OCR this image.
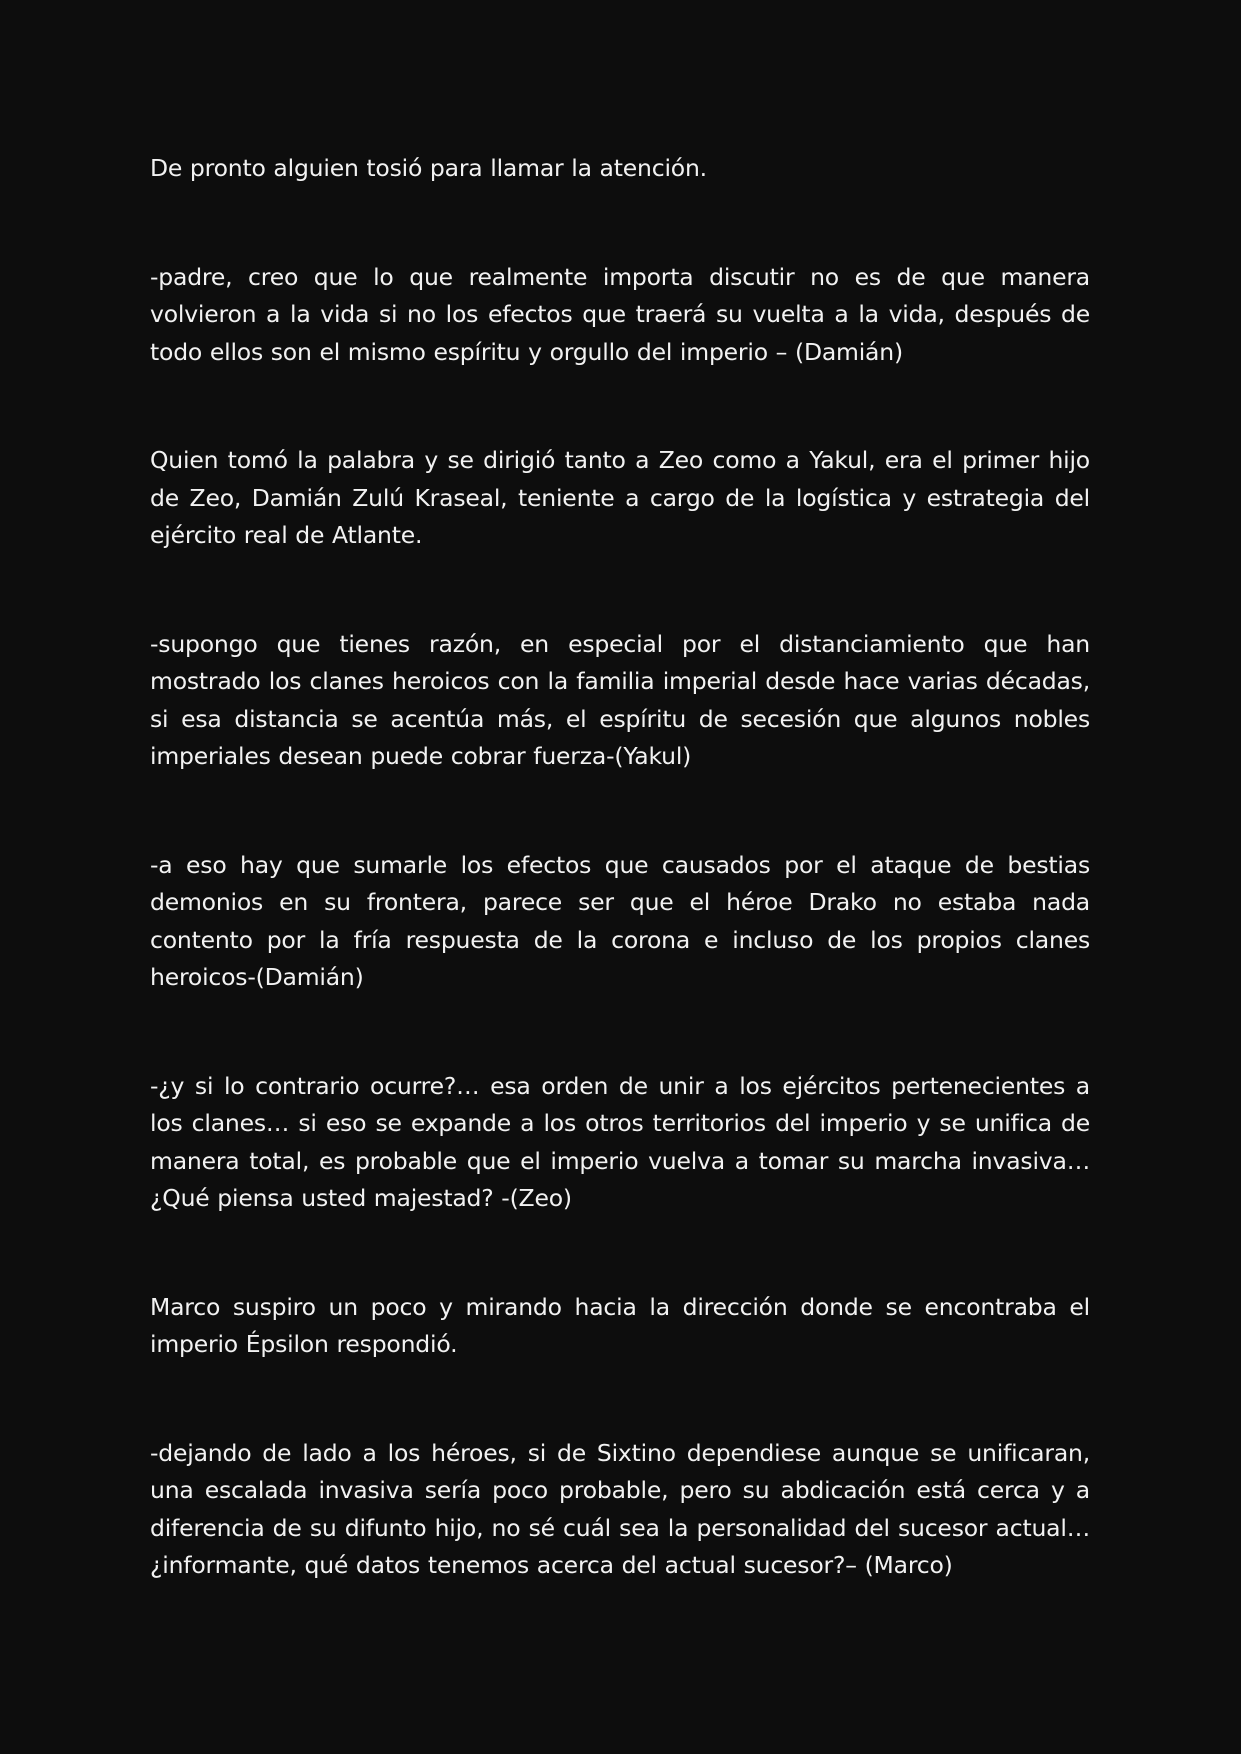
De pronto alguien tosió para llamar la atención.

-padre, creo que lo que realmente importa discutir no es de que manera volvieron a la vida si no los efectos que traerá su vuelta a la vida, después de todo ellos son el mismo espíritu y orgullo del imperio – (Damián)

Quien tomó la palabra y se dirigió tanto a Zeo como a Yakul, era el primer hijo de Zeo, Damián Zulú Kraseal, teniente a cargo de la logística y estrategia del ejército real de Atlante.

-supongo que tienes razón, en especial por el distanciamiento que han mostrado los clanes heroicos con la familia imperial desde hace varias décadas, si esa distancia se acentúa más, el espíritu de secesión que algunos nobles imperiales desean puede cobrar fuerza-(Yakul)

-a eso hay que sumarle los efectos que causados por el ataque de bestias demonios en su frontera, parece ser que el héroe Drako no estaba nada contento por la fría respuesta de la corona e incluso de los propios clanes heroicos-(Damián)

-¿y si lo contrario ocurre?… esa orden de unir a los ejércitos pertenecientes a los clanes… si eso se expande a los otros territorios del imperio y se unifica de manera total, es probable que el imperio vuelva a tomar su marcha invasiva… ¿Qué piensa usted majestad? -(Zeo)

Marco suspiro un poco y mirando hacia la dirección donde se encontraba el imperio Épsilon respondió.

-dejando de lado a los héroes, si de Sixtino dependiese aunque se unificaran, una escalada invasiva sería poco probable, pero su abdicación está cerca y a diferencia de su difunto hijo, no sé cuál sea la personalidad del sucesor actual… ¿informante, qué datos tenemos acerca del actual sucesor?– (Marco)
